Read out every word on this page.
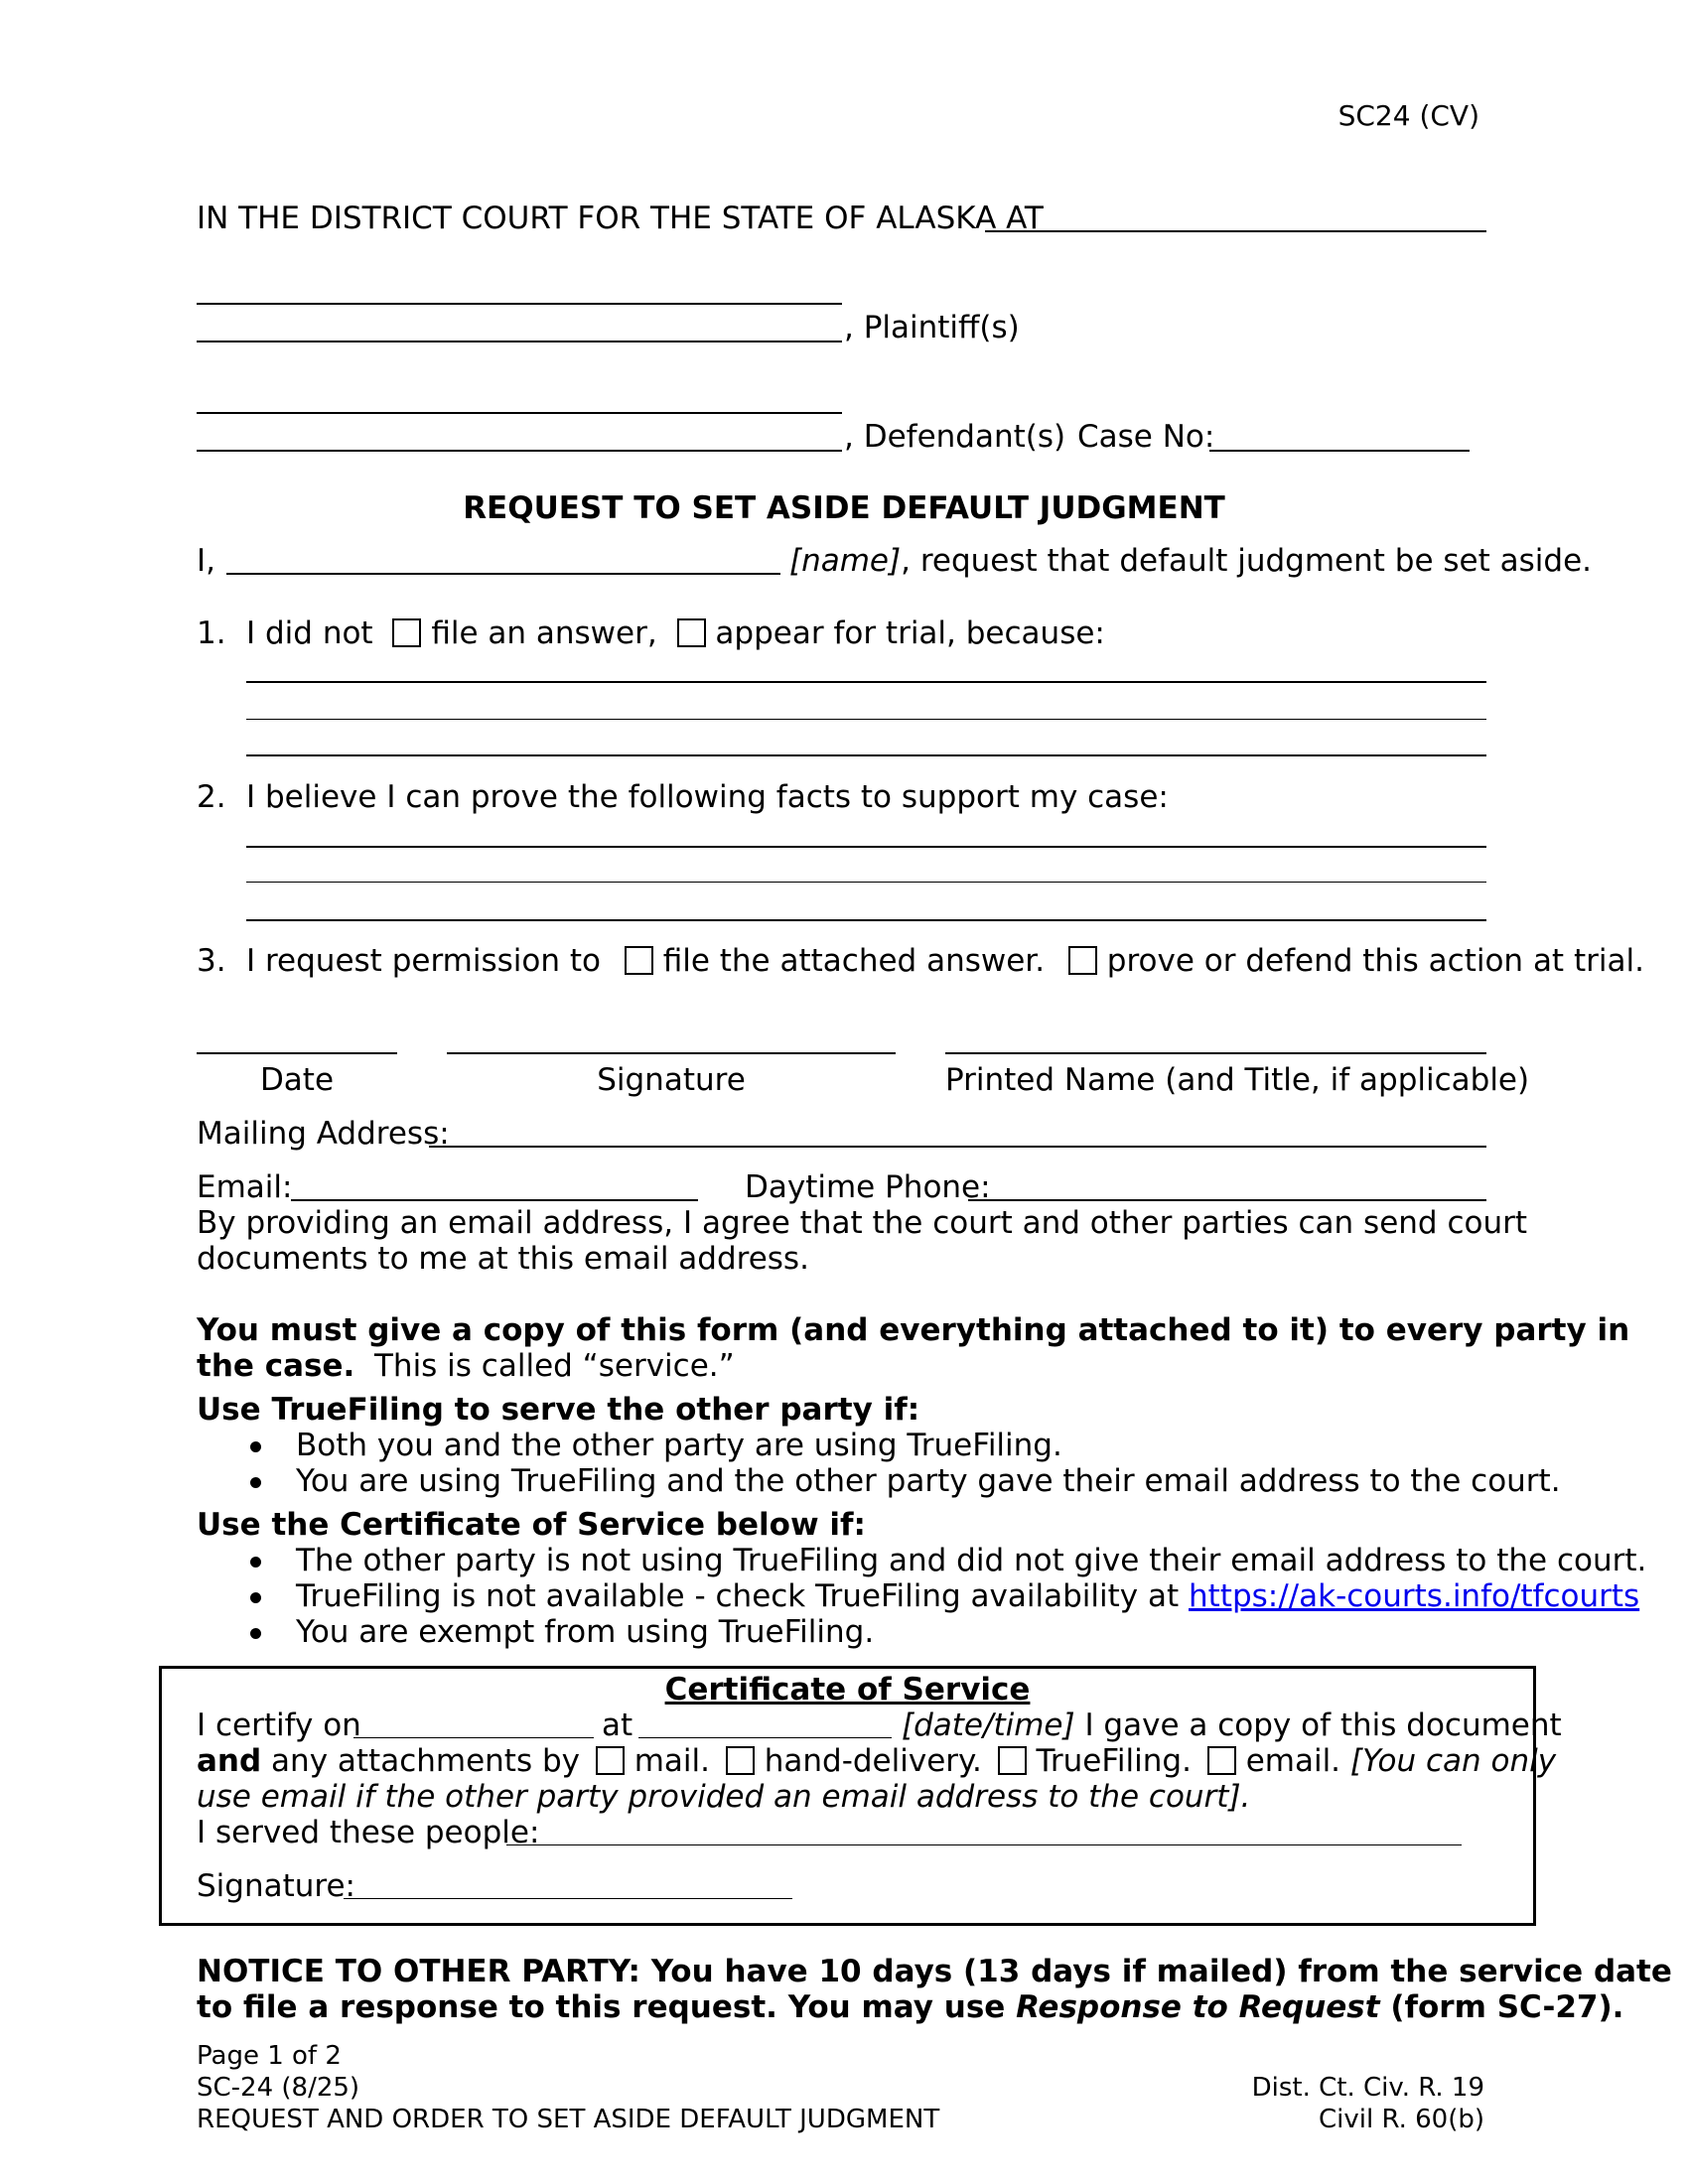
SC24 (CV)
IN THE DISTRICT COURT FOR THE STATE OF ALASKA AT
, Plaintiff(s)
, Defendant(s) Case No:
REQUEST TO SET ASIDE DEFAULT JUDGMENT
I,	[name], request that default judgment be set aside.
1. I did not file an answer, appear for trial, because:
2. I believe I can prove the following facts to support my case:
3. I request permission to file the attached answer. prove or defend this action at trial.
Date	Signature	Printed Name (and Title, if applicable)
Mailing Address:
Email:	Daytime Phone:
By providing an email address, I agree that the court and other parties can send court
documents to me at this email address.
You must give a copy of this form (and everything attached to it) to every party in
the case. This is called “service.”
Use TrueFiling to serve the other party if:
Both you and the other party are using TrueFiling.
You are using TrueFiling and the other party gave their email address to the court.
Use the Certificate of Service below if:
The other party is not using TrueFiling and did not give their email address to the court.
TrueFiling is not available - check TrueFiling availability at https://ak-courts.info/tfcourts
You are exempt from using TrueFiling.
Certificate of Service
I certify on	at	[date/time] I gave a copy of this document
and any attachments by mail. hand-delivery. TrueFiling. email. [You can only
use email if the other party provided an email address to the court].
I served these people:
Signature:
NOTICE TO OTHER PARTY: You have 10 days (13 days if mailed) from the service date
to file a response to this request. You may use Response to Request (form SC-27).
Page 1 of 2
SC-24 (8/25)
REQUEST AND ORDER TO SET ASIDE DEFAULT JUDGMENT
Dist. Ct. Civ. R. 19
Civil R. 60(b)
